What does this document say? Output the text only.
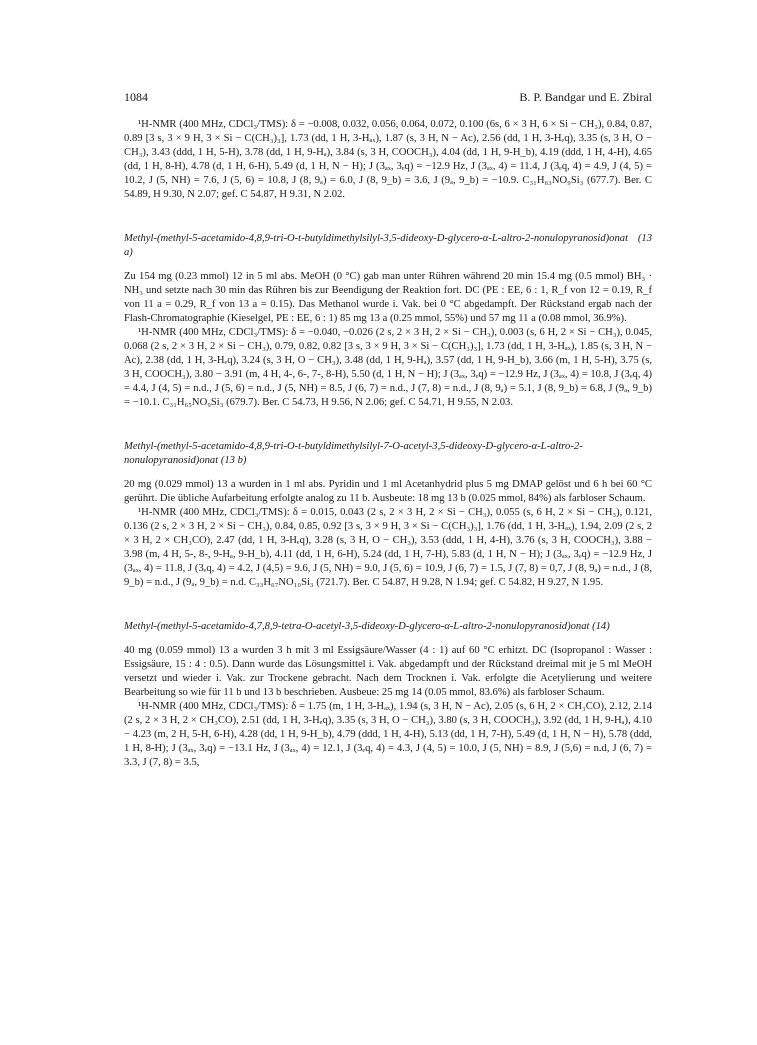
1084	B. P. Bandgar und E. Zbiral

¹H-NMR (400 MHz, CDCl₃/TMS): δ = −0.008, 0.032, 0.056, 0.064, 0.072, 0.100 (6s, 6 × 3 H, 6 × Si − CH₃), 0.84, 0.87, 0.89 [3 s, 3 × 9 H, 3 × Si − C(CH₃)₃], 1.73 (dd, 1 H, 3-Hₐₓ), 1.87 (s, 3 H, N − Ac), 2.56 (dd, 1 H, 3-Hₑq), 3.35 (s, 3 H, O − CH₃), 3.43 (ddd, 1 H, 5-H), 3.78 (dd, 1 H, 9-Hₐ), 3.84 (s, 3 H, COOCH₃), 4.04 (dd, 1 H, 9-H_b), 4.19 (ddd, 1 H, 4-H), 4.65 (dd, 1 H, 8-H), 4.78 (d, 1 H, 6-H), 5.49 (d, 1 H, N − H); J (3ₐₓ, 3ₑq) = −12.9 Hz, J (3ₐₓ, 4) = 11.4, J (3ₑq, 4) = 4.9, J (4, 5) = 10.2, J (5, NH) = 7.6, J (5, 6) = 10.8, J (8, 9ₐ) = 6.0, J (8, 9_b) = 3.6, J (9ₐ, 9_b) = −10.9. C₃₁H₆₃NO₉Si₃ (677.7). Ber. C 54.89, H 9.30, N 2.07; gef. C 54.87, H 9.31, N 2.02.

Methyl-(methyl-5-acetamido-4,8,9-tri-O-t-butyldimethylsilyl-3,5-dideoxy-D-glycero-α-L-altro-2-nonulopyranosid)onat (13 a)

Zu 154 mg (0.23 mmol) 12 in 5 ml abs. MeOH (0 °C) gab man unter Rühren während 20 min 15.4 mg (0.5 mmol) BH₃ · NH₃ und setzte nach 30 min das Rühren bis zur Beendigung der Reaktion fort. DC (PE : EE, 6 : 1, R_f von 12 = 0.19, R_f von 11 a = 0.29, R_f von 13 a = 0.15). Das Methanol wurde i. Vak. bei 0 °C abgedampft. Der Rückstand ergab nach der Flash-Chromatographie (Kieselgel, PE : EE, 6 : 1) 85 mg 13 a (0.25 mmol, 55%) und 57 mg 11 a (0.08 mmol, 36.9%).

¹H-NMR (400 MHz, CDCl₃/TMS): δ = −0.040, −0.026 (2 s, 2 × 3 H, 2 × Si − CH₃), 0.003 (s, 6 H, 2 × Si − CH₃), 0.045, 0.068 (2 s, 2 × 3 H, 2 × Si − CH₃), 0.79, 0.82, 0.82 [3 s, 3 × 9 H, 3 × Si − C(CH₃)₃], 1.73 (dd, 1 H, 3-Hₐₓ), 1.85 (s, 3 H, N − Ac), 2.38 (dd, 1 H, 3-Hₑq), 3.24 (s, 3 H, O − CH₃), 3.48 (dd, 1 H, 9-Hₐ), 3.57 (dd, 1 H, 9-H_b), 3.66 (m, 1 H, 5-H), 3.75 (s, 3 H, COOCH₃), 3.80 − 3.91 (m, 4 H, 4-, 6-, 7-, 8-H), 5.50 (d, 1 H, N − H); J (3ₐₓ, 3ₑq) = −12.9 Hz, J (3ₐₓ, 4) = 10.8, J (3ₑq, 4) = 4.4, J (4, 5) = n.d., J (5, 6) = n.d., J (5, NH) = 8.5, J (6, 7) = n.d., J (7, 8) = n.d., J (8, 9ₐ) = 5.1, J (8, 9_b) = 6.8, J (9ₐ, 9_b) = −10.1. C₃₁H₆₅NO₉Si₃ (679.7). Ber. C 54.73, H 9.56, N 2.06; gef. C 54.71, H 9.55, N 2.03.

Methyl-(methyl-5-acetamido-4,8,9-tri-O-t-butyldimethylsilyl-7-O-acetyl-3,5-dideoxy-D-glycero-α-L-altro-2-nonulopyranosid)onat (13 b)

20 mg (0.029 mmol) 13 a wurden in 1 ml abs. Pyridin und 1 ml Acetanhydrid plus 5 mg DMAP gelöst und 6 h bei 60 °C gerührt. Die übliche Aufarbeitung erfolgte analog zu 11 b. Ausbeute: 18 mg 13 b (0.025 mmol, 84%) als farbloser Schaum.

¹H-NMR (400 MHz, CDCl₃/TMS): δ = 0.015, 0.043 (2 s, 2 × 3 H, 2 × Si − CH₃), 0.055 (s, 6 H, 2 × Si − CH₃), 0.121, 0.136 (2 s, 2 × 3 H, 2 × Si − CH₃), 0.84, 0.85, 0.92 [3 s, 3 × 9 H, 3 × Si − C(CH₃)₃], 1.76 (dd, 1 H, 3-Hₐₓ), 1.94, 2.09 (2 s, 2 × 3 H, 2 × CH₃CO), 2.47 (dd, 1 H, 3-Hₑq), 3.28 (s, 3 H, O − CH₃), 3.53 (ddd, 1 H, 4-H), 3.76 (s, 3 H, COOCH₃), 3.88 − 3.98 (m, 4 H, 5-, 8-, 9-Hₐ, 9-H_b), 4.11 (dd, 1 H, 6-H), 5.24 (dd, 1 H, 7-H), 5.83 (d, 1 H, N − H); J (3ₐₓ, 3ₑq) = −12.9 Hz, J (3ₐₓ, 4) = 11.8, J (3ₑq, 4) = 4.2, J (4,5) = 9.6, J (5, NH) = 9.0, J (5, 6) = 10.9, J (6, 7) = 1.5, J (7, 8) = 0,7, J (8, 9ₐ) = n.d., J (8, 9_b) = n.d., J (9ₐ, 9_b) = n.d. C₃₃H₆₇NO₁₀Si₃ (721.7). Ber. C 54.87, H 9.28, N 1.94; gef. C 54.82, H 9.27, N 1.95.

Methyl-(methyl-5-acetamido-4,7,8,9-tetra-O-acetyl-3,5-dideoxy-D-glycero-α-L-altro-2-nonulopyranosid)onat (14)

40 mg (0.059 mmol) 13 a wurden 3 h mit 3 ml Essigsäure/Wasser (4 : 1) auf 60 °C erhitzt. DC (Isopropanol : Wasser : Essigsäure, 15 : 4 : 0.5). Dann wurde das Lösungsmittel i. Vak. abgedampft und der Rückstand dreimal mit je 5 ml MeOH versetzt und wieder i. Vak. zur Trockene gebracht. Nach dem Trocknen i. Vak. erfolgte die Acetylierung und weitere Bearbeitung so wie für 11 b und 13 b beschrieben. Ausbeue: 25 mg 14 (0.05 mmol, 83.6%) als farbloser Schaum.

¹H-NMR (400 MHz, CDCl₃/TMS): δ = 1.75 (m, 1 H, 3-Hₐₓ), 1.94 (s, 3 H, N − Ac), 2.05 (s, 6 H, 2 × CH₃CO), 2.12, 2.14 (2 s, 2 × 3 H, 2 × CH₃CO), 2.51 (dd, 1 H, 3-Hₑq), 3.35 (s, 3 H, O − CH₃), 3.80 (s, 3 H, COOCH₃), 3.92 (dd, 1 H, 9-Hₐ), 4.10 − 4.23 (m, 2 H, 5-H, 6-H), 4.28 (dd, 1 H, 9-H_b), 4.79 (ddd, 1 H, 4-H), 5.13 (dd, 1 H, 7-H), 5.49 (d, 1 H, N − H), 5.78 (ddd, 1 H, 8-H); J (3ₐₓ, 3ₑq) = −13.1 Hz, J (3ₐₓ, 4) = 12.1, J (3ₑq, 4) = 4.3, J (4, 5) = 10.0, J (5, NH) = 8.9, J (5,6) = n.d, J (6, 7) = 3.3, J (7, 8) = 3.5,
